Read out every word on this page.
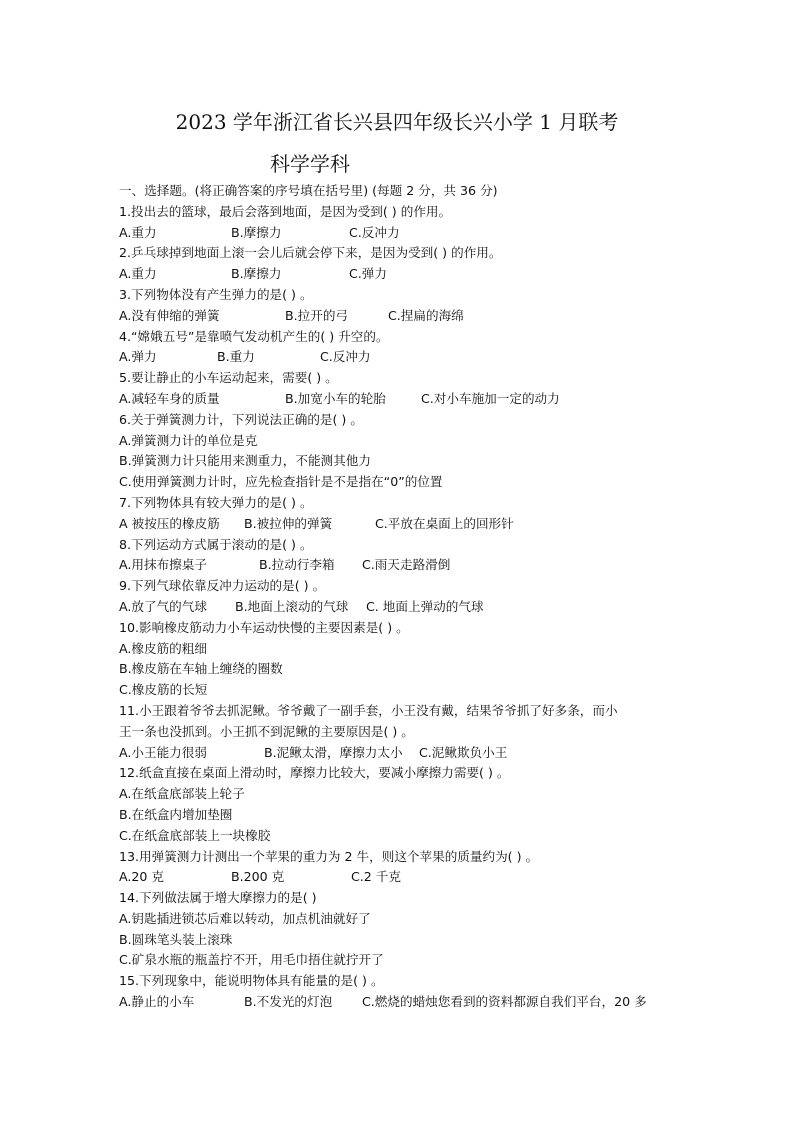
2023 学年浙江省长兴县四年级长兴小学 1 月联考
科学学科
一、选择题。(将正确答案的序号填在括号里) (每题 2 分，共 36 分)
1.投出去的篮球，最后会落到地面，是因为受到( ) 的作用。
A.重力	B.摩擦力	C.反冲力
2.乒乓球掉到地面上滚一会儿后就会停下来，是因为受到( ) 的作用。
A.重力	B.摩擦力	C.弹力
3.下列物体没有产生弹力的是( ) 。
A.没有伸缩的弹簧	B.拉开的弓	C.捏扁的海绵
4.“嫦娥五号”是靠喷气发动机产生的( ) 升空的。
A.弹力	B.重力	C.反冲力
5.要让静止的小车运动起来，需要( ) 。
A.减轻车身的质量	B.加宽小车的轮胎	C.对小车施加一定的动力
6.关于弹簧测力计，下列说法正确的是( ) 。
A.弹簧测力计的单位是克
B.弹簧测力计只能用来测重力，不能测其他力
C.使用弹簧测力计时，应先检查指针是不是指在“0”的位置
7.下列物体具有较大弹力的是( ) 。
A 被按压的橡皮筋	B.被拉伸的弹簧	C.平放在桌面上的回形针
8.下列运动方式属于滚动的是( ) 。
A.用抹布擦桌子	B.拉动行李箱	C.雨天走路滑倒
9.下列气球依靠反冲力运动的是( ) 。
A.放了气的气球	B.地面上滚动的气球	C. 地面上弹动的气球
10.影响橡皮筋动力小车运动快慢的主要因素是( ) 。
A.橡皮筋的粗细
B.橡皮筋在车轴上缠绕的圈数
C.橡皮筋的长短
11.小王跟着爷爷去抓泥鳅。爷爷戴了一副手套，小王没有戴，结果爷爷抓了好多条，而小
王一条也没抓到。小王抓不到泥鳅的主要原因是( ) 。
A.小王能力很弱	B.泥鳅太滑，摩擦力太小	C.泥鳅欺负小王
12.纸盒直接在桌面上滑动时，摩擦力比较大，要减小摩擦力需要( ) 。
A.在纸盒底部装上轮子
B.在纸盒内增加垫圈
C.在纸盒底部装上一块橡胶
13.用弹簧测力计测出一个苹果的重力为 2 牛，则这个苹果的质量约为( ) 。
A.20 克	B.200 克	C.2 千克
14.下列做法属于增大摩擦力的是( )
A.钥匙插进锁芯后难以转动，加点机油就好了
B.圆珠笔头装上滚珠
C.矿泉水瓶的瓶盖拧不开，用毛巾捂住就拧开了
15.下列现象中，能说明物体具有能量的是( ) 。
A.静止的小车	B.不发光的灯泡	C.燃烧的蜡烛您看到的资料都源自我们平台，20 多
